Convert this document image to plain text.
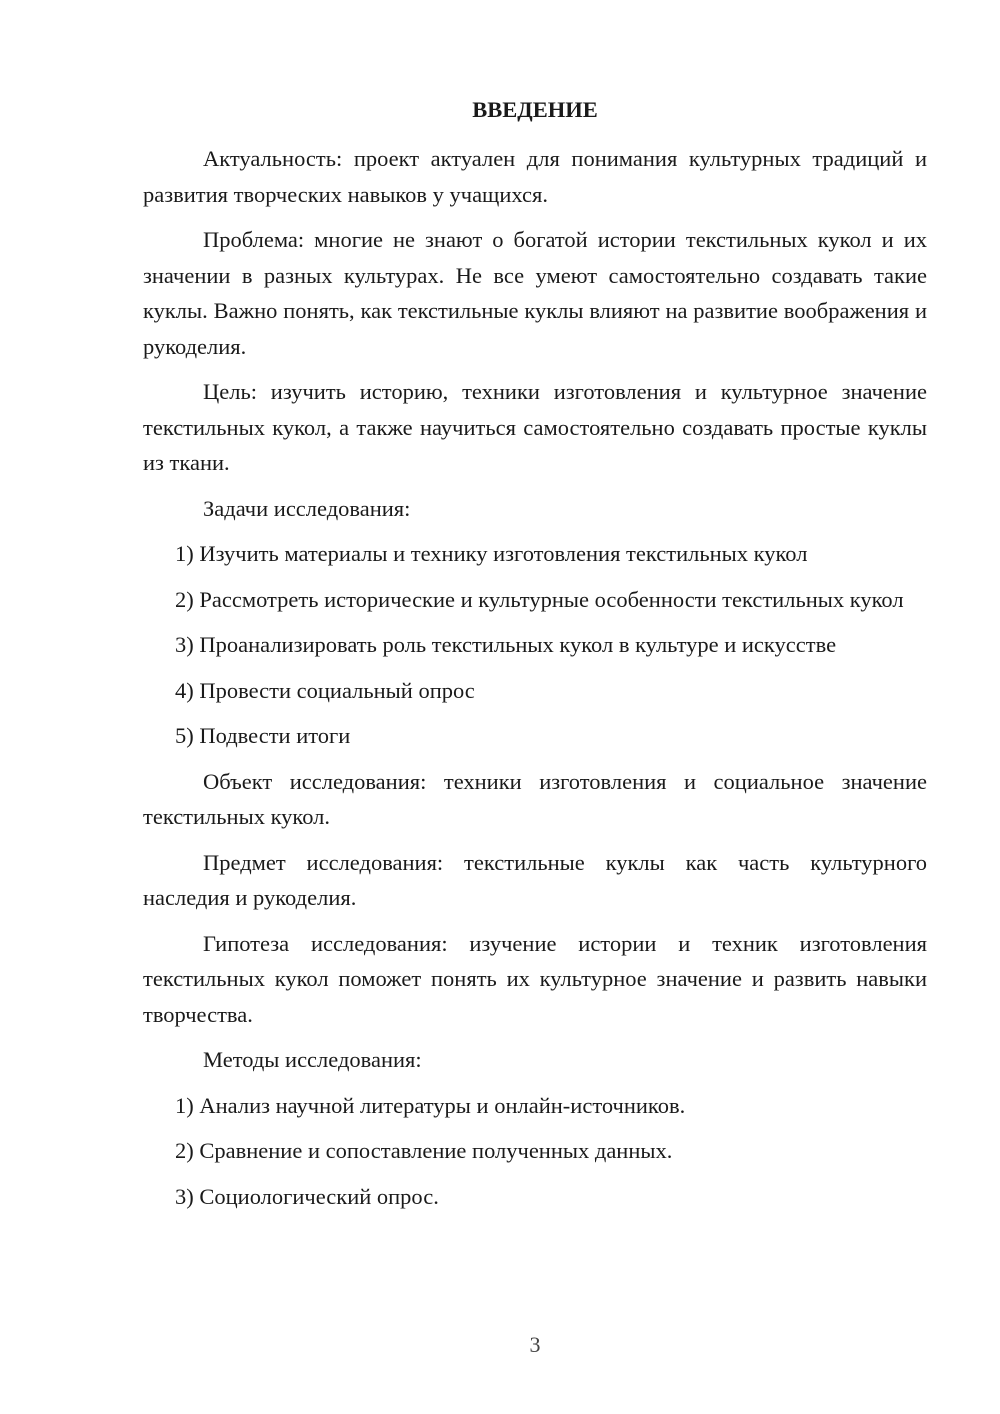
ВВЕДЕНИЕ

Актуальность: проект актуален для понимания культурных традиций и развития творческих навыков у учащихся.

Проблема: многие не знают о богатой истории текстильных кукол и их значении в разных культурах. Не все умеют самостоятельно создавать такие куклы. Важно понять, как текстильные куклы влияют на развитие воображения и рукоделия.

Цель: изучить историю, техники изготовления и культурное значение текстильных кукол, а также научиться самостоятельно создавать простые куклы из ткани.

Задачи исследования:

1) Изучить материалы и технику изготовления текстильных кукол

2) Рассмотреть исторические и культурные особенности текстильных кукол

3) Проанализировать роль текстильных кукол в культуре и искусстве

4) Провести социальный опрос

5) Подвести итоги

Объект исследования: техники изготовления и социальное значение текстильных кукол.

Предмет исследования: текстильные куклы как часть культурного наследия и рукоделия.

Гипотеза исследования: изучение истории и техник изготовления текстильных кукол поможет понять их культурное значение и развить навыки творчества.

Методы исследования:

1) Анализ научной литературы и онлайн-источников.

2) Сравнение и сопоставление полученных данных.

3) Социологический опрос.

3
